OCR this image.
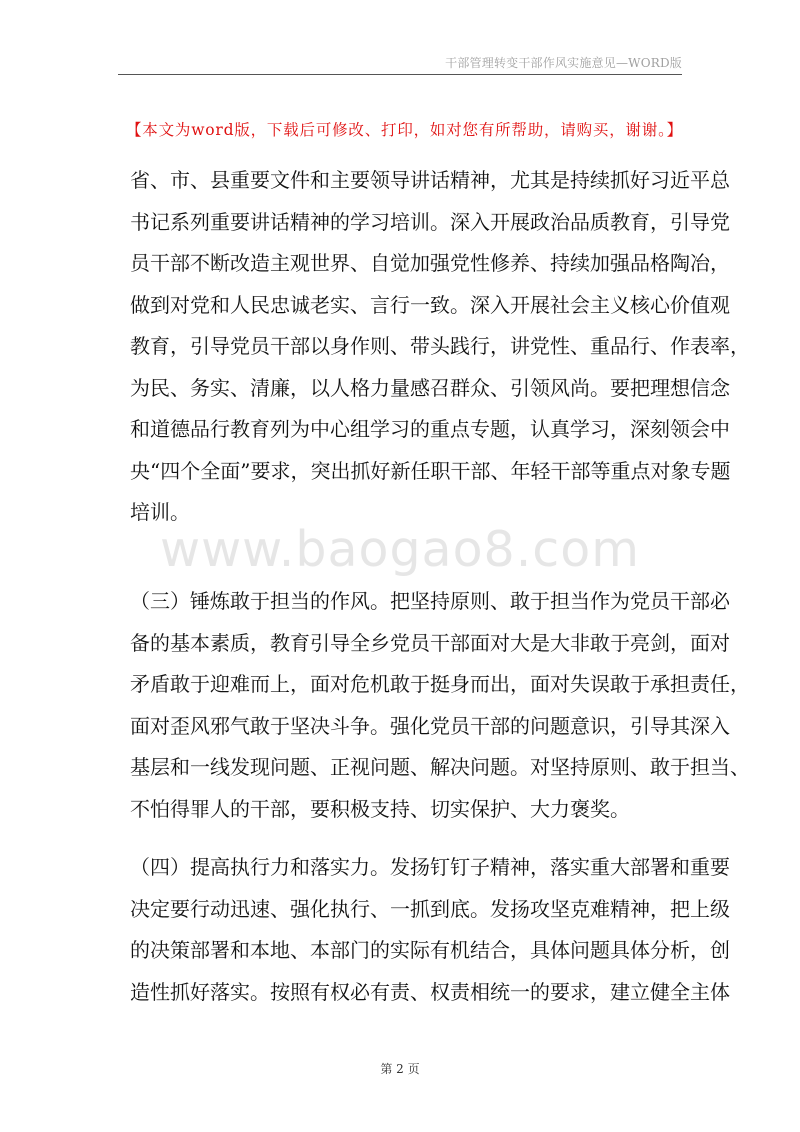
干部管理转变干部作风实施意见—WORD版
【本文为word版，下载后可修改、打印，如对您有所帮助，请购买，谢谢。】
省、市、县重要文件和主要领导讲话精神，尤其是持续抓好习近平总
书记系列重要讲话精神的学习培训。深入开展政治品质教育，引导党
员干部不断改造主观世界、自觉加强党性修养、持续加强品格陶冶，
做到对党和人民忠诚老实、言行一致。深入开展社会主义核心价值观
教育，引导党员干部以身作则、带头践行，讲党性、重品行、作表率，
为民、务实、清廉，以人格力量感召群众、引领风尚。要把理想信念
和道德品行教育列为中心组学习的重点专题，认真学习，深刻领会中
央“四个全面”要求，突出抓好新任职干部、年轻干部等重点对象专题
培训。
www.baogao8.com
（三）锤炼敢于担当的作风。把坚持原则、敢于担当作为党员干部必
备的基本素质，教育引导全乡党员干部面对大是大非敢于亮剑，面对
矛盾敢于迎难而上，面对危机敢于挺身而出，面对失误敢于承担责任，
面对歪风邪气敢于坚决斗争。强化党员干部的问题意识，引导其深入
基层和一线发现问题、正视问题、解决问题。对坚持原则、敢于担当、
不怕得罪人的干部，要积极支持、切实保护、大力褒奖。
（四）提高执行力和落实力。发扬钉钉子精神，落实重大部署和重要
决定要行动迅速、强化执行、一抓到底。发扬攻坚克难精神，把上级
的决策部署和本地、本部门的实际有机结合，具体问题具体分析，创
造性抓好落实。按照有权必有责、权责相统一的要求，建立健全主体
第 2 页
